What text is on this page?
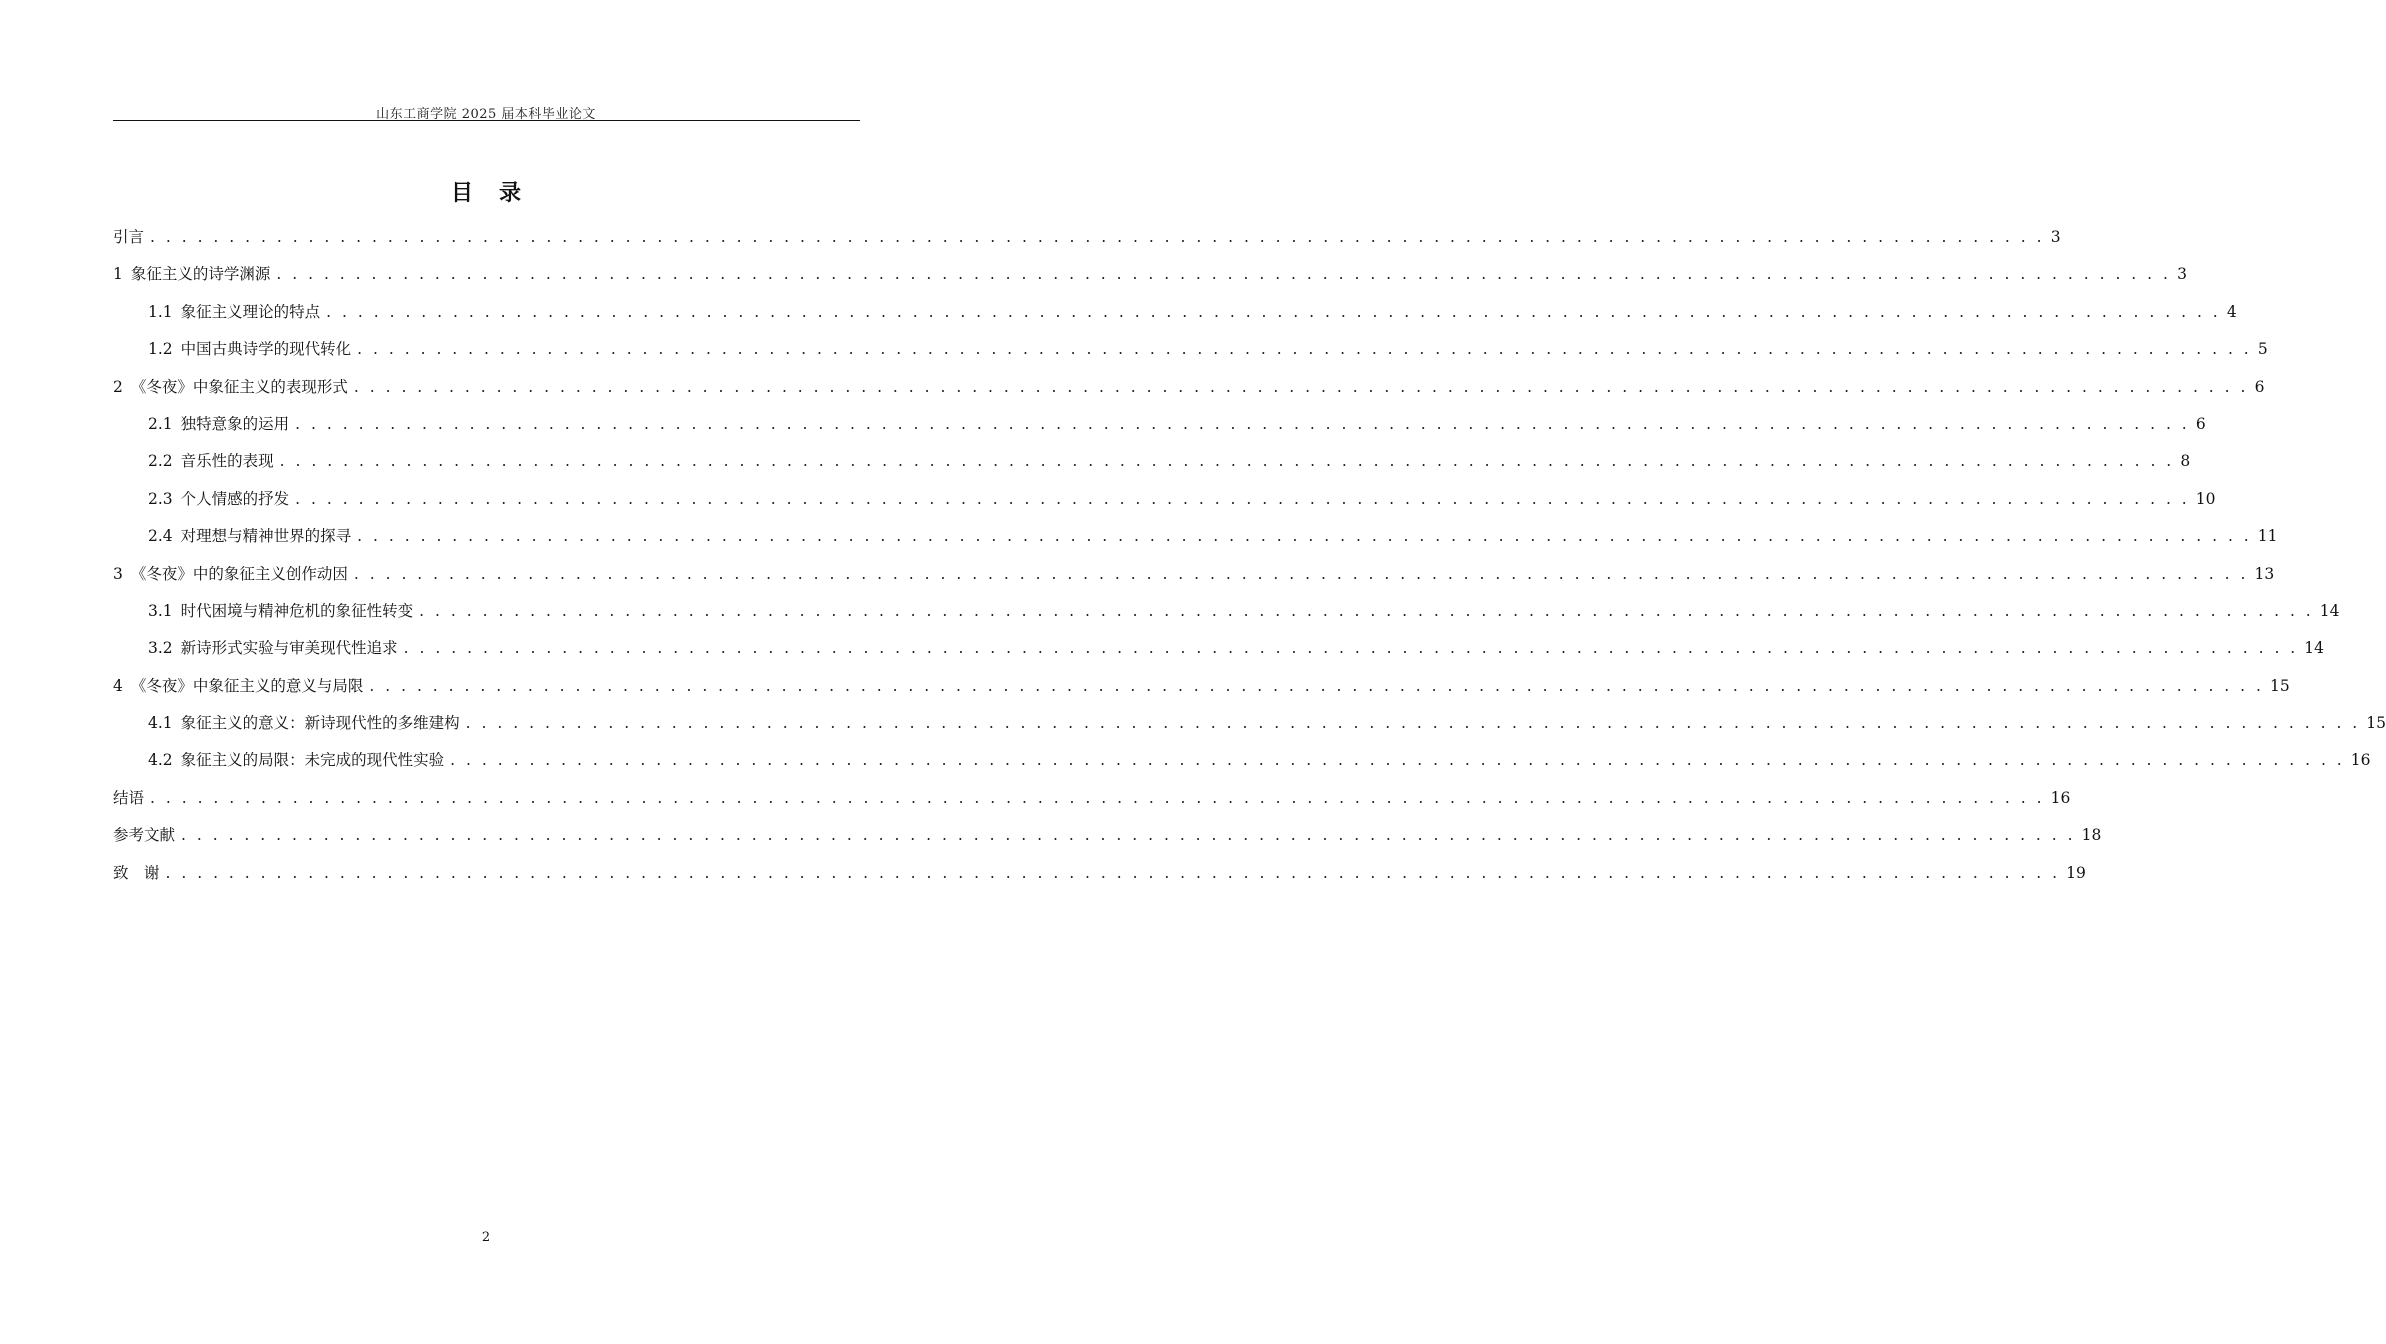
山东工商学院 2025 届本科毕业论文
目 录
引言 . . . . . . . . . . . . . . . . . . . . . . . . . . . . . . . . . . . . . . . . . . . . . . . . . . . . . . . . . . . . . . . . . . . . . . . . . . . . . . . . . . . . . . . . . . . . . . . . . . . . . . . . . . . . . . . . . . . . . . . . 3
1 象征主义的诗学渊源 . . . . . . . . . . . . . . . . . . . . . . . . . . . . . . . . . . . . . . . . . . . . . . . . . . . . . . . . . . . . . . . . . . . . . . . . . . . . . . . . . . . . . . . . . . . . . . . . . . . . . . . . . . . . . . . . . . . . . . . . 3
1.1 象征主义理论的特点 . . . . . . . . . . . . . . . . . . . . . . . . . . . . . . . . . . . . . . . . . . . . . . . . . . . . . . . . . . . . . . . . . . . . . . . . . . . . . . . . . . . . . . . . . . . . . . . . . . . . . . . . . . . . . . . . . . . . . . . . 4
1.2 中国古典诗学的现代转化 . . . . . . . . . . . . . . . . . . . . . . . . . . . . . . . . . . . . . . . . . . . . . . . . . . . . . . . . . . . . . . . . . . . . . . . . . . . . . . . . . . . . . . . . . . . . . . . . . . . . . . . . . . . . . . . . . . . . . . . . 5
2 《冬夜》中象征主义的表现形式 . . . . . . . . . . . . . . . . . . . . . . . . . . . . . . . . . . . . . . . . . . . . . . . . . . . . . . . . . . . . . . . . . . . . . . . . . . . . . . . . . . . . . . . . . . . . . . . . . . . . . . . . . . . . . . . . . . . . . . . . 6
2.1 独特意象的运用 . . . . . . . . . . . . . . . . . . . . . . . . . . . . . . . . . . . . . . . . . . . . . . . . . . . . . . . . . . . . . . . . . . . . . . . . . . . . . . . . . . . . . . . . . . . . . . . . . . . . . . . . . . . . . . . . . . . . . . . . 6
2.2 音乐性的表现 . . . . . . . . . . . . . . . . . . . . . . . . . . . . . . . . . . . . . . . . . . . . . . . . . . . . . . . . . . . . . . . . . . . . . . . . . . . . . . . . . . . . . . . . . . . . . . . . . . . . . . . . . . . . . . . . . . . . . . . . 8
2.3 个人情感的抒发 . . . . . . . . . . . . . . . . . . . . . . . . . . . . . . . . . . . . . . . . . . . . . . . . . . . . . . . . . . . . . . . . . . . . . . . . . . . . . . . . . . . . . . . . . . . . . . . . . . . . . . . . . . . . . . . . . . . . . . . . 10
2.4 对理想与精神世界的探寻 . . . . . . . . . . . . . . . . . . . . . . . . . . . . . . . . . . . . . . . . . . . . . . . . . . . . . . . . . . . . . . . . . . . . . . . . . . . . . . . . . . . . . . . . . . . . . . . . . . . . . . . . . . . . . . . . . . . . . . . . 11
3 《冬夜》中的象征主义创作动因 . . . . . . . . . . . . . . . . . . . . . . . . . . . . . . . . . . . . . . . . . . . . . . . . . . . . . . . . . . . . . . . . . . . . . . . . . . . . . . . . . . . . . . . . . . . . . . . . . . . . . . . . . . . . . . . . . . . . . . . . 13
3.1 时代困境与精神危机的象征性转变 . . . . . . . . . . . . . . . . . . . . . . . . . . . . . . . . . . . . . . . . . . . . . . . . . . . . . . . . . . . . . . . . . . . . . . . . . . . . . . . . . . . . . . . . . . . . . . . . . . . . . . . . . . . . . . . . . . . . . . . . 14
3.2 新诗形式实验与审美现代性追求 . . . . . . . . . . . . . . . . . . . . . . . . . . . . . . . . . . . . . . . . . . . . . . . . . . . . . . . . . . . . . . . . . . . . . . . . . . . . . . . . . . . . . . . . . . . . . . . . . . . . . . . . . . . . . . . . . . . . . . . . 14
4 《冬夜》中象征主义的意义与局限 . . . . . . . . . . . . . . . . . . . . . . . . . . . . . . . . . . . . . . . . . . . . . . . . . . . . . . . . . . . . . . . . . . . . . . . . . . . . . . . . . . . . . . . . . . . . . . . . . . . . . . . . . . . . . . . . . . . . . . . . 15
4.1 象征主义的意义：新诗现代性的多维建构 . . . . . . . . . . . . . . . . . . . . . . . . . . . . . . . . . . . . . . . . . . . . . . . . . . . . . . . . . . . . . . . . . . . . . . . . . . . . . . . . . . . . . . . . . . . . . . . . . . . . . . . . . . . . . . . . . . . . . . . . 15
4.2 象征主义的局限：未完成的现代性实验 . . . . . . . . . . . . . . . . . . . . . . . . . . . . . . . . . . . . . . . . . . . . . . . . . . . . . . . . . . . . . . . . . . . . . . . . . . . . . . . . . . . . . . . . . . . . . . . . . . . . . . . . . . . . . . . . . . . . . . . . 16
结语 . . . . . . . . . . . . . . . . . . . . . . . . . . . . . . . . . . . . . . . . . . . . . . . . . . . . . . . . . . . . . . . . . . . . . . . . . . . . . . . . . . . . . . . . . . . . . . . . . . . . . . . . . . . . . . . . . . . . . . . . 16
参考文献 . . . . . . . . . . . . . . . . . . . . . . . . . . . . . . . . . . . . . . . . . . . . . . . . . . . . . . . . . . . . . . . . . . . . . . . . . . . . . . . . . . . . . . . . . . . . . . . . . . . . . . . . . . . . . . . . . . . . . . . . 18
致　谢 . . . . . . . . . . . . . . . . . . . . . . . . . . . . . . . . . . . . . . . . . . . . . . . . . . . . . . . . . . . . . . . . . . . . . . . . . . . . . . . . . . . . . . . . . . . . . . . . . . . . . . . . . . . . . . . . . . . . . . . . 19
2
